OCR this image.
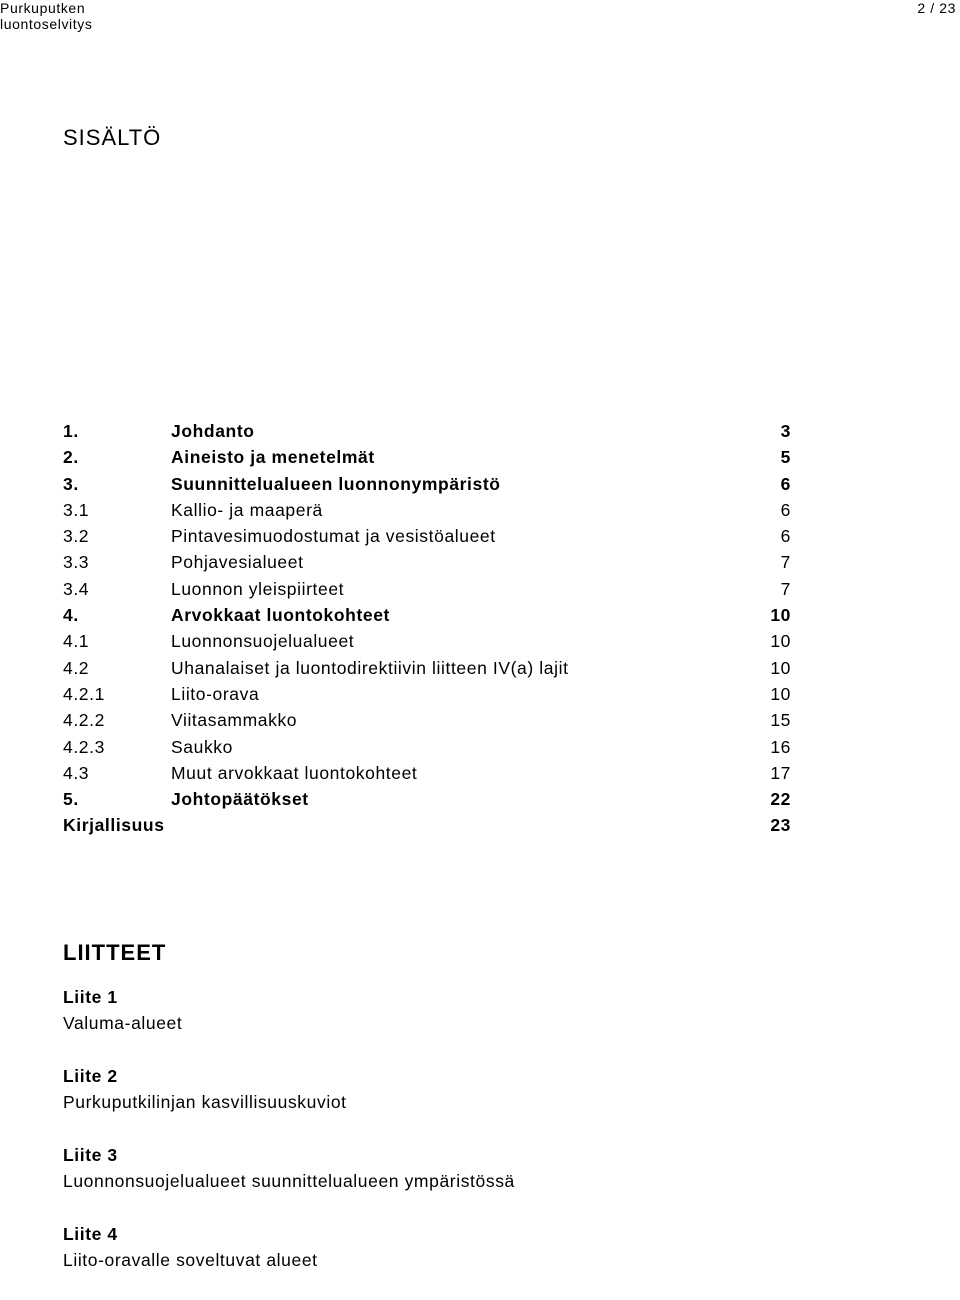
Purkuputken
luontoselvitys
2 / 23
SISÄLTÖ
1.	Johdanto	3
2.	Aineisto ja menetelmät	5
3.	Suunnittelualueen luonnonympäristö	6
3.1	Kallio- ja maaperä	6
3.2	Pintavesimuodostumat ja vesistöalueet	6
3.3	Pohjavesialueet	7
3.4	Luonnon yleispiirteet	7
4.	Arvokkaat luontokohteet	10
4.1	Luonnonsuojelualueet	10
4.2	Uhanalaiset ja luontodirektiivin liitteen IV(a) lajit	10
4.2.1	Liito-orava	10
4.2.2	Viitasammakko	15
4.2.3	Saukko	16
4.3	Muut arvokkaat luontokohteet	17
5.	Johtopäätökset	22
Kirjallisuus	23
LIITTEET
Liite 1
Valuma-alueet
Liite 2
Purkuputkilinjan kasvillisuuskuviot
Liite 3
Luonnonsuojelualueet suunnittelualueen ympäristössä
Liite 4
Liito-oravalle soveltuvat alueet
